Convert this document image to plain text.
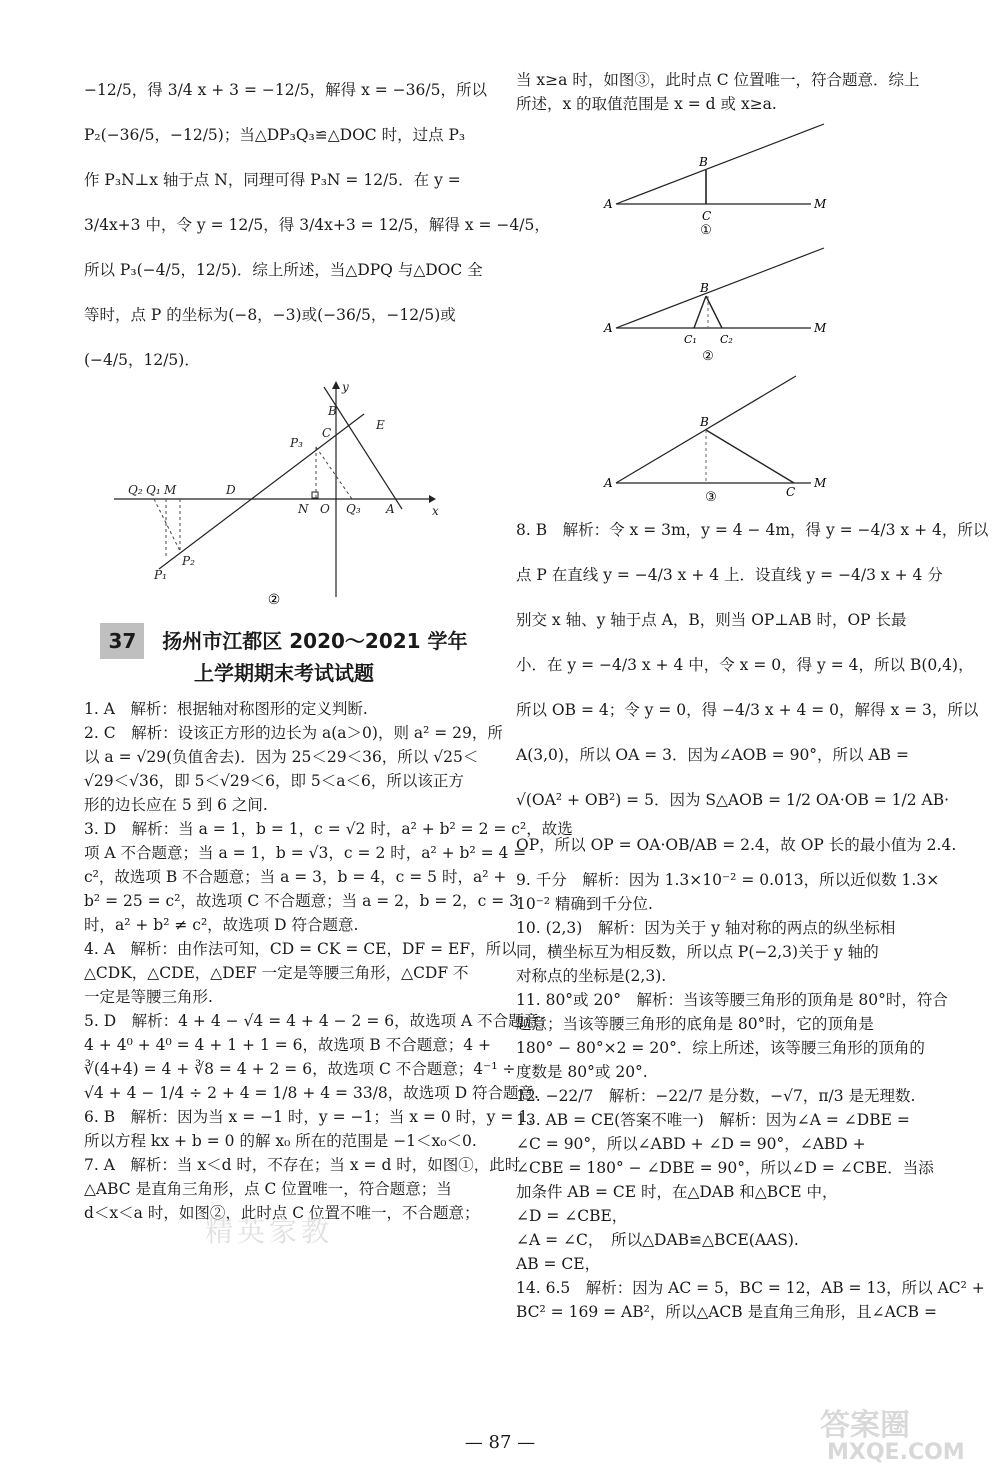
−12/5，得 3/4 x + 3 = −12/5，解得 x = −36/5，所以
P₂(−36/5，−12/5)；当△DP₃Q₃≌△DOC 时，过点 P₃
作 P₃N⊥x 轴于点 N，同理可得 P₃N = 12/5．在 y =
3/4x+3 中，令 y = 12/5，得 3/4x+3 = 12/5，解得 x = −4/5，
所以 P₃(−4/5，12/5)．综上所述，当△DPQ 与△DOC 全
等时，点 P 的坐标为(−8，−3)或(−36/5，−12/5)或
(−4/5，12/5)．
y
B
E
P₃
C
Q₂ Q₁ M	D
N O Q₃ A	x
P₂
P₁
②
37 扬州市江都区 2020～2021 学年
上学期期末考试试题
1. A　解析：根据轴对称图形的定义判断.
2. C　解析：设该正方形的边长为 a(a＞0)，则 a² = 29，所
以 a = √29(负值舍去)．因为 25＜29＜36，所以 √25＜
√29＜√36，即 5＜√29＜6，即 5＜a＜6，所以该正方
形的边长应在 5 到 6 之间.
3. D　解析：当 a = 1，b = 1，c = √2 时，a² + b² = 2 = c²，故选
项 A 不合题意；当 a = 1，b = √3，c = 2 时，a² + b² = 4 =
c²，故选项 B 不合题意；当 a = 3，b = 4，c = 5 时，a² +
b² = 25 = c²，故选项 C 不合题意；当 a = 2，b = 2，c = 3
时，a² + b² ≠ c²，故选项 D 符合题意.
4. A　解析：由作法可知，CD = CK = CE，DF = EF，所以
△CDK，△CDE，△DEF 一定是等腰三角形，△CDF 不
一定是等腰三角形.
5. D　解析：4 + 4 − √4 = 4 + 4 − 2 = 6，故选项 A 不合题意；
4 + 4⁰ + 4⁰ = 4 + 1 + 1 = 6，故选项 B 不合题意；4 +
∛(4+4) = 4 + ∛8 = 4 + 2 = 6，故选项 C 不合题意；4⁻¹ ÷
√4 + 4 − 1/4 ÷ 2 + 4 = 1/8 + 4 = 33/8，故选项 D 符合题意.
6. B　解析：因为当 x = −1 时，y = −1；当 x = 0 时，y = 1，
所以方程 kx + b = 0 的解 x₀ 所在的范围是 −1＜x₀＜0.
7. A　解析：当 x＜d 时，不存在；当 x = d 时，如图①，此时
△ABC 是直角三角形，点 C 位置唯一，符合题意；当
d＜x＜a 时，如图②，此时点 C 位置不唯一，不合题意；
当 x≥a 时，如图③，此时点 C 位置唯一，符合题意．综上
所述，x 的取值范围是 x = d 或 x≥a.
A
B
C
M
①
A
B
C₁ C₂
M
②
A
B
C
M
③
8. B　解析：令 x = 3m，y = 4 − 4m，得 y = −4/3 x + 4，所以
点 P 在直线 y = −4/3 x + 4 上．设直线 y = −4/3 x + 4 分
别交 x 轴、y 轴于点 A，B，则当 OP⊥AB 时，OP 长最
小．在 y = −4/3 x + 4 中，令 x = 0，得 y = 4，所以 B(0,4)，
所以 OB = 4；令 y = 0，得 −4/3 x + 4 = 0，解得 x = 3，所以
A(3,0)，所以 OA = 3．因为∠AOB = 90°，所以 AB =
√(OA² + OB²) = 5．因为 S△AOB = 1/2 OA·OB = 1/2 AB·
OP，所以 OP = OA·OB/AB = 2.4，故 OP 长的最小值为 2.4.
9. 千分　解析：因为 1.3×10⁻² = 0.013，所以近似数 1.3×
10⁻² 精确到千分位.
10. (2,3)　解析：因为关于 y 轴对称的两点的纵坐标相
同，横坐标互为相反数，所以点 P(−2,3)关于 y 轴的
对称点的坐标是(2,3).
11. 80°或 20°　解析：当该等腰三角形的顶角是 80°时，符合
题意；当该等腰三角形的底角是 80°时，它的顶角是
180° − 80°×2 = 20°．综上所述，该等腰三角形的顶角的
度数是 80°或 20°.
12. −22/7　解析：−22/7 是分数，−√7，π/3 是无理数.
13. AB = CE(答案不唯一)　解析：因为∠A = ∠DBE =
∠C = 90°，所以∠ABD + ∠D = 90°，∠ABD +
∠CBE = 180° − ∠DBE = 90°，所以∠D = ∠CBE．当添
加条件 AB = CE 时，在△DAB 和△BCE 中，
∠D = ∠CBE，
∠A = ∠C，　所以△DAB≌△BCE(AAS).
AB = CE，
14. 6.5　解析：因为 AC = 5，BC = 12，AB = 13，所以 AC² +
BC² = 169 = AB²，所以△ACB 是直角三角形，且∠ACB =
— 87 —
精英家教
答案圈
MXQE.COM
